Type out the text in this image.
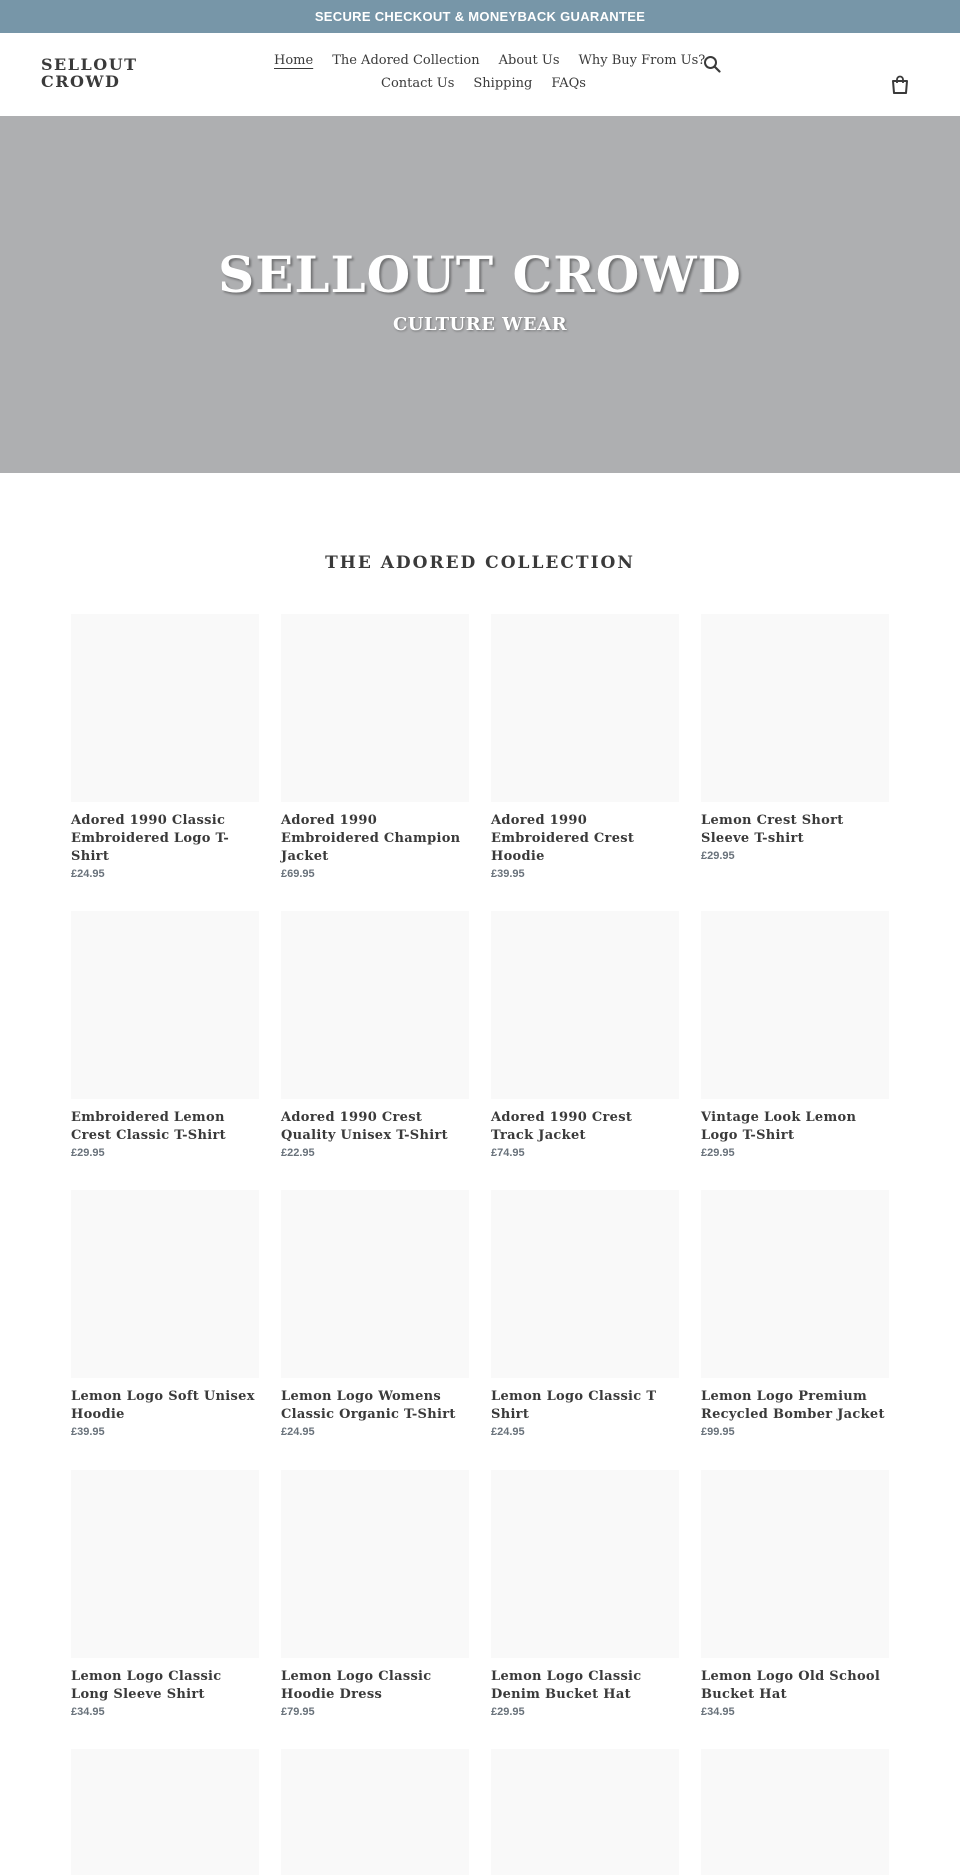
SECURE CHECKOUT & MONEYBACK GUARANTEE
SELLOUT CROWD
Home The Adored Collection About Us Why Buy From Us?
Contact Us Shipping FAQs
SELLOUT CROWD
CULTURE WEAR
THE ADORED COLLECTION
Adored 1990 Classic Embroidered Logo T-Shirt
£24.95
Adored 1990 Embroidered Champion Jacket
£69.95
Adored 1990 Embroidered Crest Hoodie
£39.95
Lemon Crest Short Sleeve T-shirt
£29.95
Embroidered Lemon Crest Classic T-Shirt
£29.95
Adored 1990 Crest Quality Unisex T-Shirt
£22.95
Adored 1990 Crest Track Jacket
£74.95
Vintage Look Lemon Logo T-Shirt
£29.95
Lemon Logo Soft Unisex Hoodie
£39.95
Lemon Logo Womens Classic Organic T-Shirt
£24.95
Lemon Logo Classic T Shirt
£24.95
Lemon Logo Premium Recycled Bomber Jacket
£99.95
Lemon Logo Classic Long Sleeve Shirt
£34.95
Lemon Logo Classic Hoodie Dress
£79.95
Lemon Logo Classic Denim Bucket Hat
£29.95
Lemon Logo Old School Bucket Hat
£34.95
